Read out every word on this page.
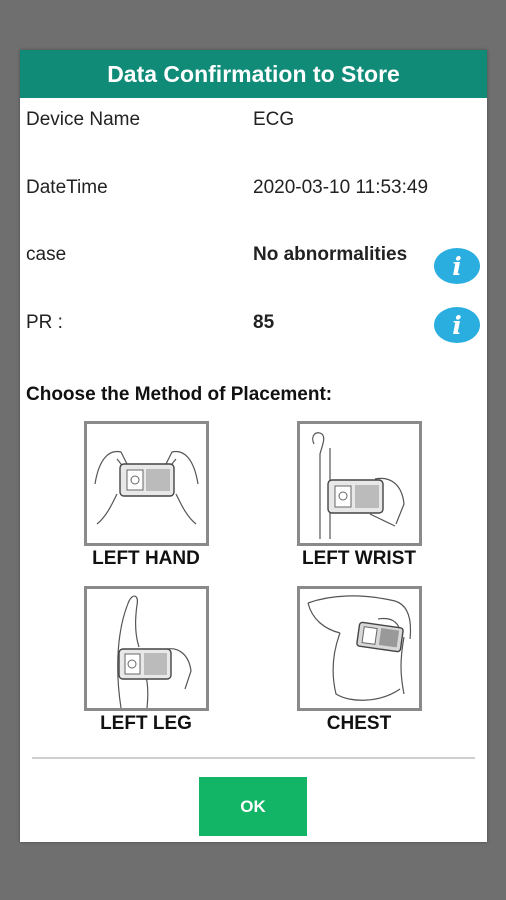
Data Confirmation to Store
Device Name	ECG
DateTime	2020-03-10 11:53:49
case	No abnormalities	i
PR :	85	i
Choose the Method of Placement:
LEFT HAND	LEFT WRIST
LEFT LEG	CHEST
OK
